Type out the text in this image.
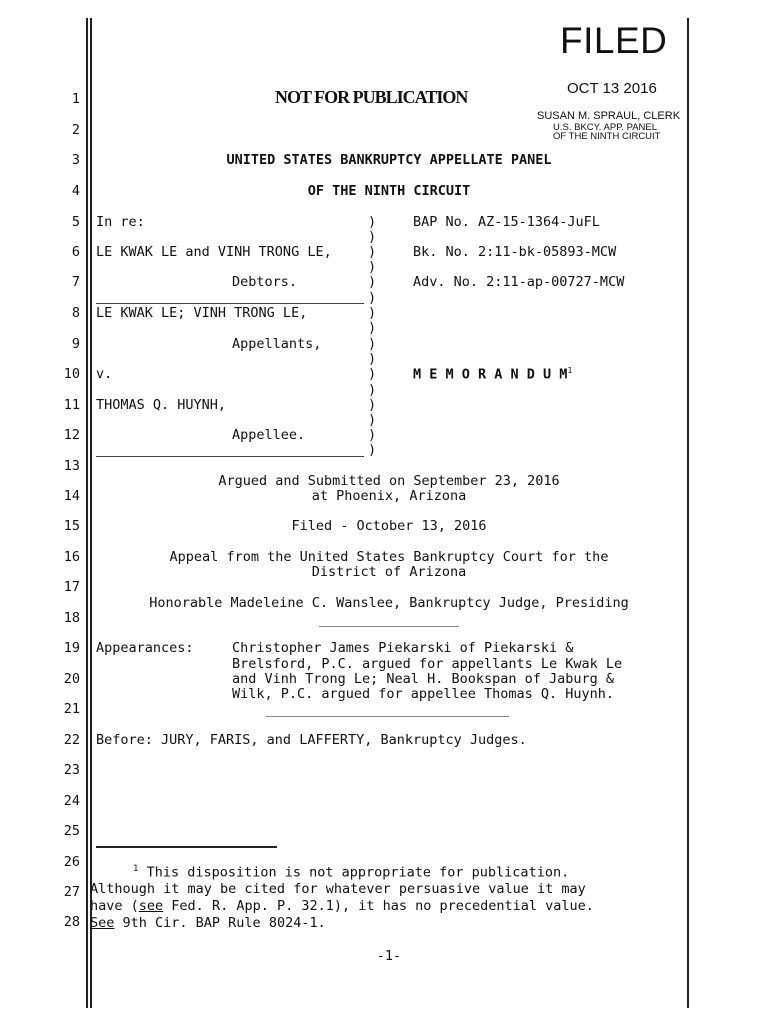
1
2
3
4
5
6
7
8
9
10
11
12
13
14
15
16
17
18
19
20
21
22
23
24
25
26
27
28
FILED
OCT 13 2016
SUSAN M. SPRAUL, CLERK
U.S. BKCY. APP. PANEL
OF THE NINTH CIRCUIT
NOT FOR PUBLICATION
UNITED STATES BANKRUPTCY APPELLATE PANEL
OF THE NINTH CIRCUIT
In re:
LE KWAK LE and VINH TRONG LE,
Debtors.
LE KWAK LE; VINH TRONG LE,
Appellants,
v.
THOMAS Q. HUYNH,
Appellee.
)
)
)
)
)
)
)
)
)
)
)
)
)
)
)
)
BAP No. AZ-15-1364-JuFL
Bk. No. 2:11-bk-05893-MCW
Adv. No. 2:11-ap-00727-MCW
M E M O R A N D U $M^1$
Argued and Submitted on September 23, 2016
at Phoenix, Arizona
Filed - October 13, 2016
Appeal from the United States Bankruptcy Court for the
District of Arizona
Honorable Madeleine C. Wanslee, Bankruptcy Judge, Presiding
Appearances:	Christopher James Piekarski of Piekarski &
Brelsford, P.C. argued for appellants Le Kwak Le
and Vinh Trong Le; Neal H. Bookspan of Jaburg &
Wilk, P.C. argued for appellee Thomas Q. Huynh.
Before: JURY, FARIS, and LAFFERTY, Bankruptcy Judges.
$^1$ This disposition is not appropriate for publication.
Although it may be cited for whatever persuasive value it may
have (see Fed. R. App. P. 32.1), it has no precedential value.
See 9th Cir. BAP Rule 8024-1.
-1-
